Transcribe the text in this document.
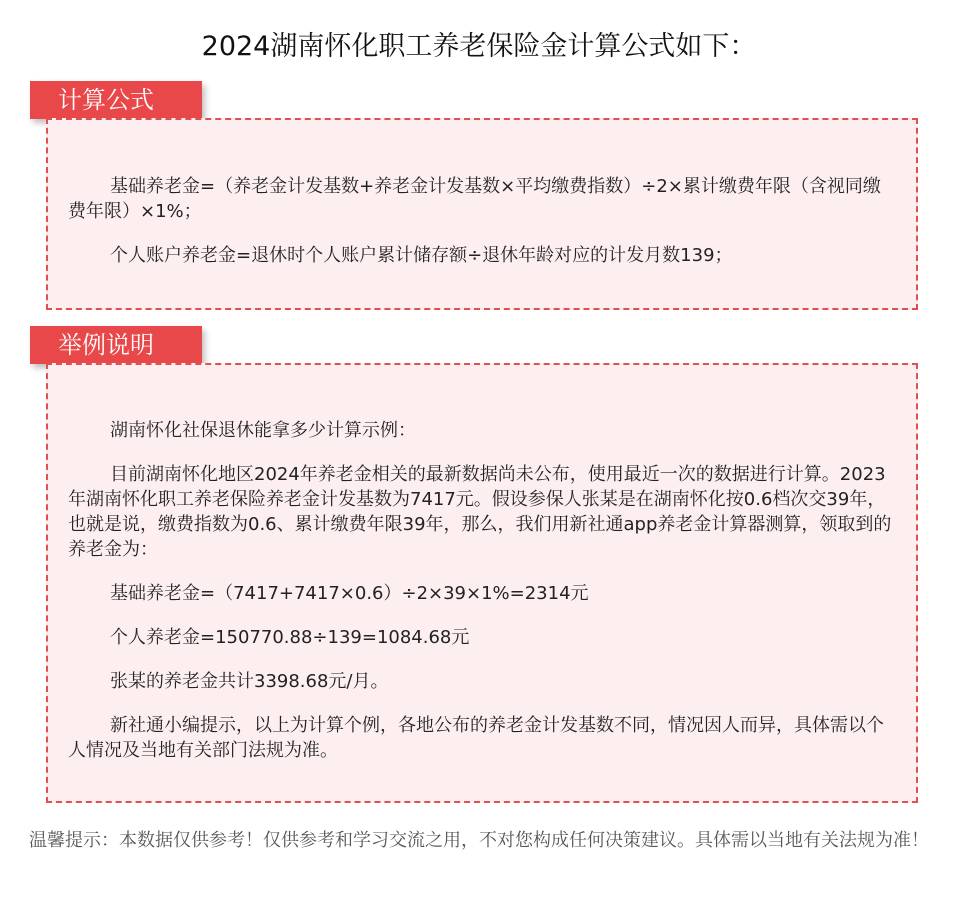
2024湖南怀化职工养老保险金计算公式如下：
计算公式

基础养老金=（养老金计发基数+养老金计发基数×平均缴费指数）÷2×累计缴费年限（含视同缴费年限）×1%；

个人账户养老金=退休时个人账户累计储存额÷退休年龄对应的计发月数139；

举例说明

湖南怀化社保退休能拿多少计算示例：

目前湖南怀化地区2024年养老金相关的最新数据尚未公布，使用最近一次的数据进行计算。2023年湖南怀化职工养老保险养老金计发基数为7417元。假设参保人张某是在湖南怀化按0.6档次交39年，也就是说，缴费指数为0.6、累计缴费年限39年，那么，我们用新社通app养老金计算器测算，领取到的养老金为：

基础养老金=（7417+7417×0.6）÷2×39×1%=2314元

个人养老金=150770.88÷139=1084.68元

张某的养老金共计3398.68元/月。

新社通小编提示，以上为计算个例，各地公布的养老金计发基数不同，情况因人而异，具体需以个人情况及当地有关部门法规为准。

温馨提示：本数据仅供参考！仅供参考和学习交流之用，不对您构成任何决策建议。具体需以当地有关法规为准！
